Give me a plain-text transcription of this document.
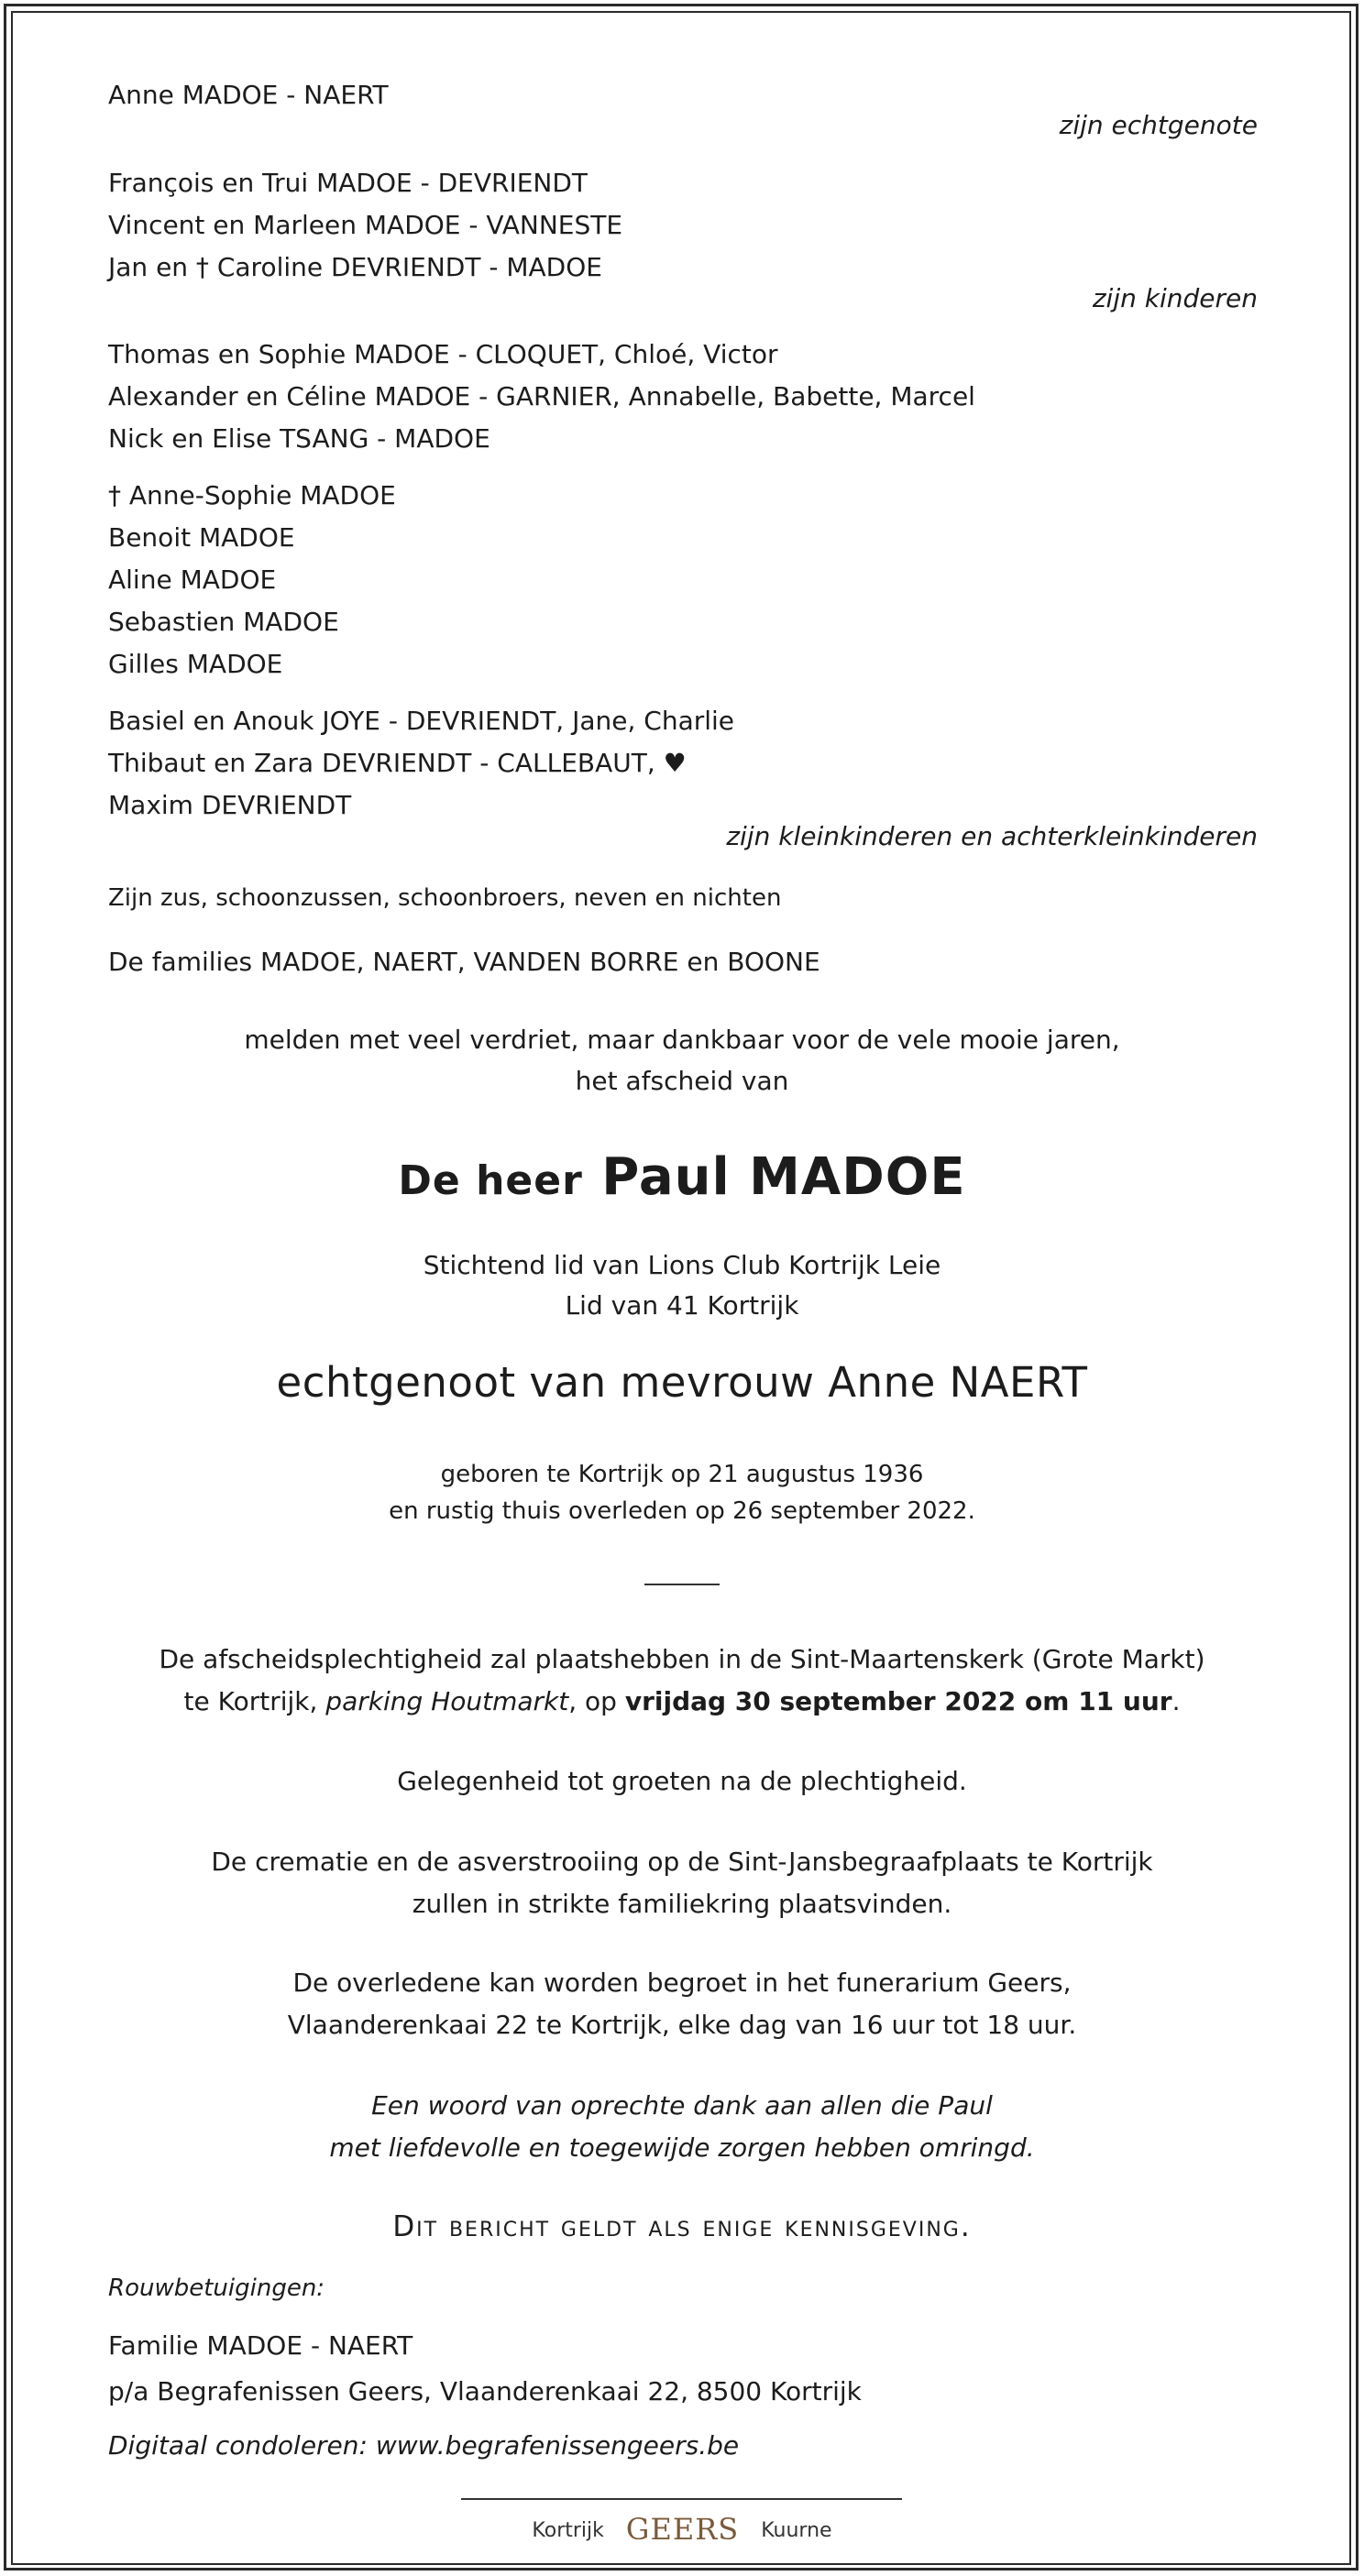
Anne MADOE - NAERT
zijn echtgenote
François en Trui MADOE - DEVRIENDT
Vincent en Marleen MADOE - VANNESTE
Jan en † Caroline DEVRIENDT - MADOE
zijn kinderen
Thomas en Sophie MADOE - CLOQUET, Chloé, Victor
Alexander en Céline MADOE - GARNIER, Annabelle, Babette, Marcel
Nick en Elise TSANG - MADOE
† Anne-Sophie MADOE
Benoit MADOE
Aline MADOE
Sebastien MADOE
Gilles MADOE
Basiel en Anouk JOYE - DEVRIENDT, Jane, Charlie
Thibaut en Zara DEVRIENDT - CALLEBAUT, ♥
Maxim DEVRIENDT
zijn kleinkinderen en achterkleinkinderen
Zijn zus, schoonzussen, schoonbroers, neven en nichten
De families MADOE, NAERT, VANDEN BORRE en BOONE
melden met veel verdriet, maar dankbaar voor de vele mooie jaren,
het afscheid van
De heer Paul MADOE
Stichtend lid van Lions Club Kortrijk Leie
Lid van 41 Kortrijk
echtgenoot van mevrouw Anne NAERT
geboren te Kortrijk op 21 augustus 1936
en rustig thuis overleden op 26 september 2022.
De afscheidsplechtigheid zal plaatshebben in de Sint-Maartenskerk (Grote Markt)
te Kortrijk, parking Houtmarkt, op vrijdag 30 september 2022 om 11 uur.
Gelegenheid tot groeten na de plechtigheid.
De crematie en de asverstrooiing op de Sint-Jansbegraafplaats te Kortrijk
zullen in strikte familiekring plaatsvinden.
De overledene kan worden begroet in het funerarium Geers,
Vlaanderenkaai 22 te Kortrijk, elke dag van 16 uur tot 18 uur.
Een woord van oprechte dank aan allen die Paul
met liefdevolle en toegewijde zorgen hebben omringd.
Dit bericht geldt als enige kennisgeving.
Rouwbetuigingen:
Familie MADOE - NAERT
p/a Begrafenissen Geers, Vlaanderenkaai 22, 8500 Kortrijk
Digitaal condoleren: www.begrafenissengeers.be
Kortrijk GEERS Kuurne
